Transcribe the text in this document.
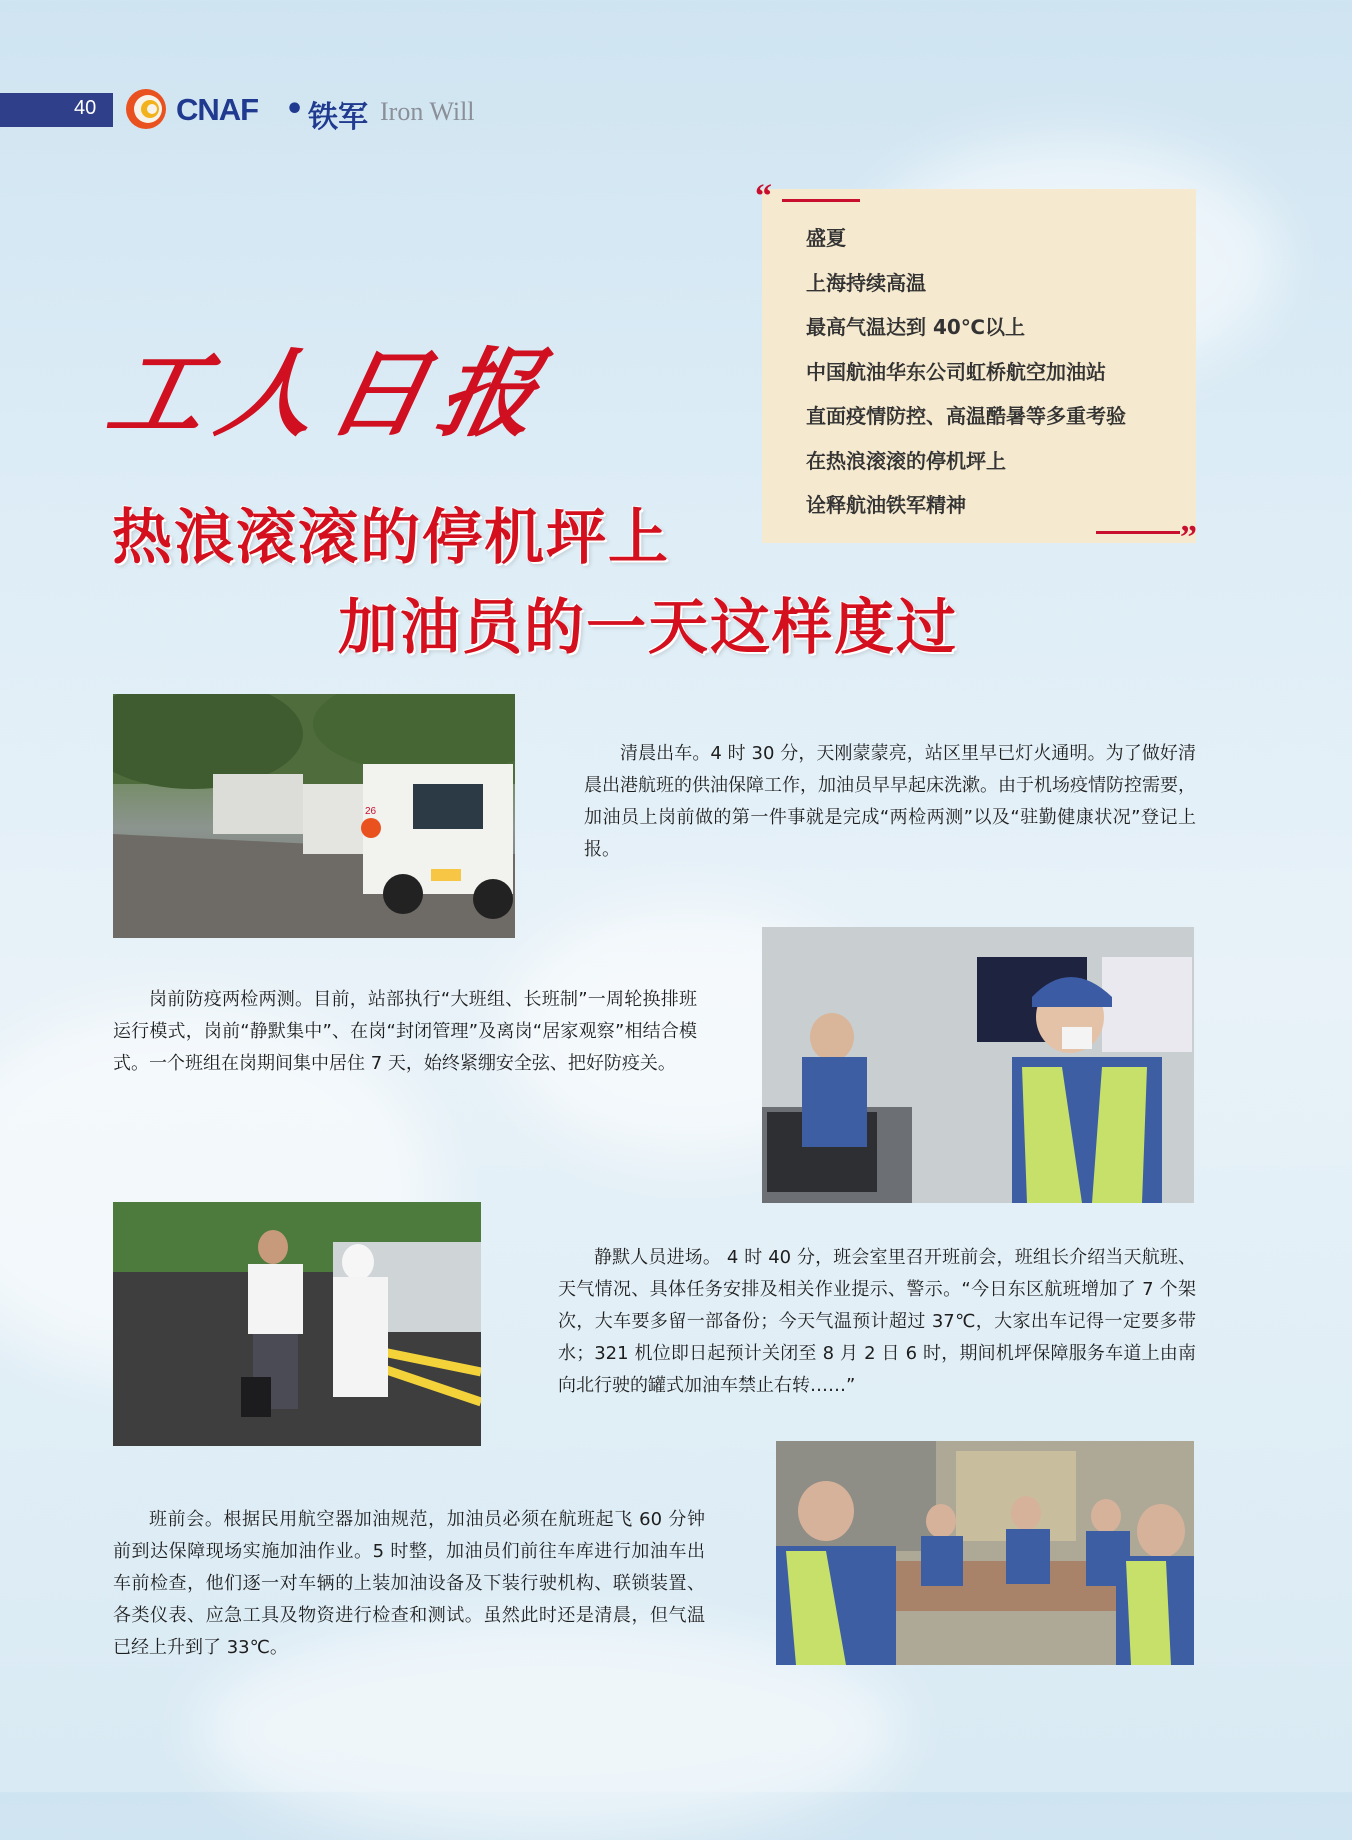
40	CNAF • 铁军 Iron Will
“
”
盛夏
上海持续高温
最高气温达到 40℃以上
中国航油华东公司虹桥航空加油站
直面疫情防控、高温酷暑等多重考验
在热浪滚滚的停机坪上
诠释航油铁军精神
工人日报
热浪滚滚的停机坪上
加油员的一天这样度过
26

清晨出车。4 时 30 分，天刚蒙蒙亮，站区里早已灯火通明。为了做好清晨出港航班的供油保障工作，加油员早早起床洗漱。由于机场疫情防控需要，加油员上岗前做的第一件事就是完成“两检两测”以及“驻勤健康状况”登记上报。

岗前防疫两检两测。目前，站部执行“大班组、长班制”一周轮换排班运行模式，岗前“静默集中”、在岗“封闭管理”及离岗“居家观察”相结合模式。一个班组在岗期间集中居住 7 天，始终紧绷安全弦、把好防疫关。

静默人员进场。 4 时 40 分，班会室里召开班前会，班组长介绍当天航班、天气情况、具体任务安排及相关作业提示、警示。“今日东区航班增加了 7 个架次，大车要多留一部备份；今天气温预计超过 37℃，大家出车记得一定要多带水；321 机位即日起预计关闭至 8 月 2 日 6 时，期间机坪保障服务车道上由南向北行驶的罐式加油车禁止右转……”

班前会。根据民用航空器加油规范，加油员必须在航班起飞 60 分钟前到达保障现场实施加油作业。5 时整，加油员们前往车库进行加油车出车前检查，他们逐一对车辆的上装加油设备及下装行驶机构、联锁装置、各类仪表、应急工具及物资进行检查和测试。虽然此时还是清晨，但气温已经上升到了 33℃。
